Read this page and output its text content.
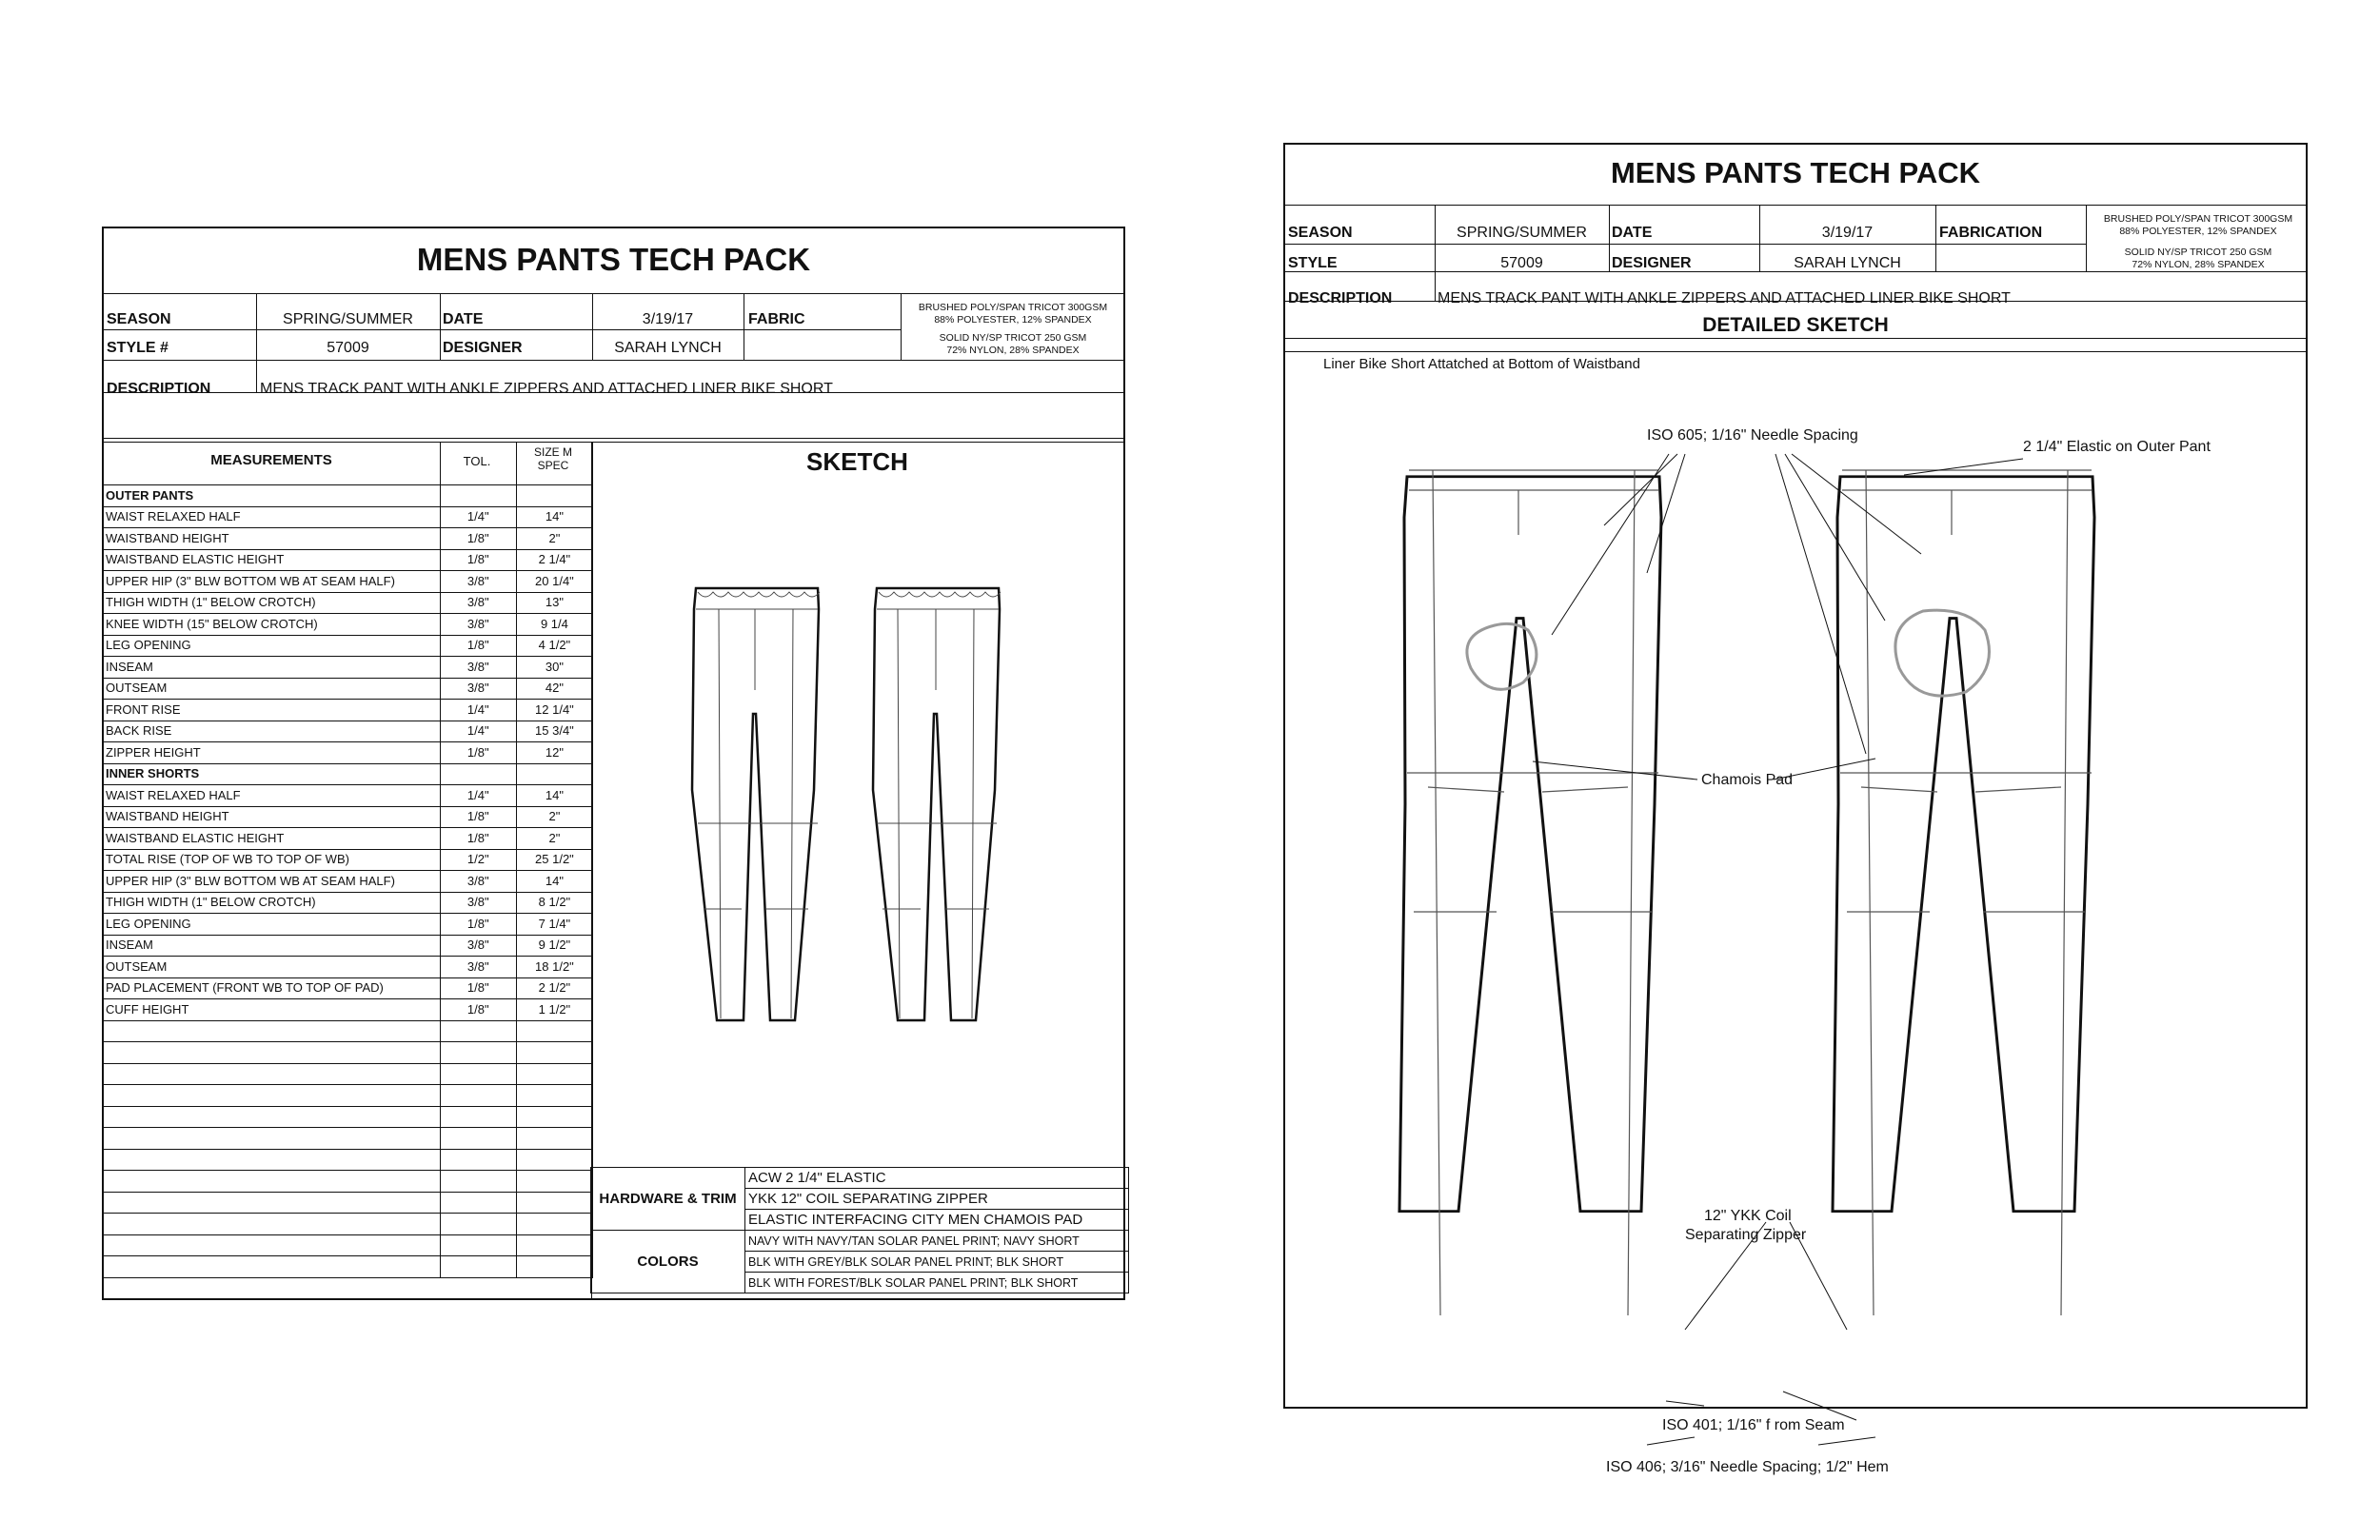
MENS PANTS TECH PACK
SEASON	SPRING/SUMMER	DATE	3/19/17	FABRIC
BRUSHED POLY/SPAN TRICOT 300GSM
88% POLYESTER, 12% SPANDEX
STYLE #	57009	DESIGNER	SARAH LYNCH
SOLID NY/SP TRICOT 250 GSM
72% NYLON, 28% SPANDEX
DESCRIPTION	MENS TRACK PANT WITH ANKLE ZIPPERS AND ATTACHED LINER BIKE SHORT
MEASUREMENTS	TOL.
SIZE M
SPEC	SKETCH

OUTER PANTS		
WAIST RELAXED HALF	1/4"	14"
WAISTBAND HEIGHT	1/8"	2"
WAISTBAND ELASTIC HEIGHT	1/8"	2 1/4"
UPPER HIP (3" BLW BOTTOM WB AT SEAM HALF)	3/8"	20 1/4"
THIGH WIDTH (1" BELOW CROTCH)	3/8"	13"
KNEE WIDTH (15" BELOW CROTCH)	3/8"	9 1/4
LEG OPENING	1/8"	4 1/2"
INSEAM	3/8"	30"
OUTSEAM	3/8"	42"
FRONT RISE	1/4"	12 1/4"
BACK RISE	1/4"	15 3/4"
ZIPPER HEIGHT	1/8"	12"
INNER SHORTS		
WAIST RELAXED HALF	1/4"	14"
WAISTBAND HEIGHT	1/8"	2"
WAISTBAND ELASTIC HEIGHT	1/8"	2"
TOTAL RISE (TOP OF WB TO TOP OF WB)	1/2"	25 1/2"
UPPER HIP (3" BLW BOTTOM WB AT SEAM HALF)	3/8"	14"
THIGH WIDTH (1" BELOW CROTCH)	3/8"	8 1/2"
LEG OPENING	1/8"	7 1/4"
INSEAM	3/8"	9 1/2"
OUTSEAM	3/8"	18 1/2"
PAD PLACEMENT (FRONT WB TO TOP OF PAD)	1/8"	2 1/2"
CUFF HEIGHT	1/8"	1 1/2"

HARDWARE & TRIM	ACW 2 1/4" ELASTIC
	YKK 12" COIL SEPARATING ZIPPER
	ELASTIC INTERFACING CITY MEN CHAMOIS PAD
COLORS	NAVY WITH NAVY/TAN SOLAR PANEL PRINT; NAVY SHORT
	BLK WITH GREY/BLK SOLAR PANEL PRINT; BLK SHORT
	BLK WITH FOREST/BLK SOLAR PANEL PRINT; BLK SHORT
MENS PANTS TECH PACK
SEASON	SPRING/SUMMER	DATE	3/19/17	FABRICATION
BRUSHED POLY/SPAN TRICOT 300GSM
88% POLYESTER, 12% SPANDEX
STYLE	57009	DESIGNER	SARAH LYNCH
SOLID NY/SP TRICOT 250 GSM
72% NYLON, 28% SPANDEX
DESCRIPTION	MENS TRACK PANT WITH ANKLE ZIPPERS AND ATTACHED LINER BIKE SHORT
DETAILED SKETCH
Liner Bike Short Attatched at Bottom of Waistband
ISO 605; 1/16" Needle Spacing
2 1/4" Elastic on Outer Pant
Chamois Pad
12" YKK Coil
Separating Zipper
ISO 401; 1/16" f rom Seam
ISO 406; 3/16" Needle Spacing; 1/2" Hem
